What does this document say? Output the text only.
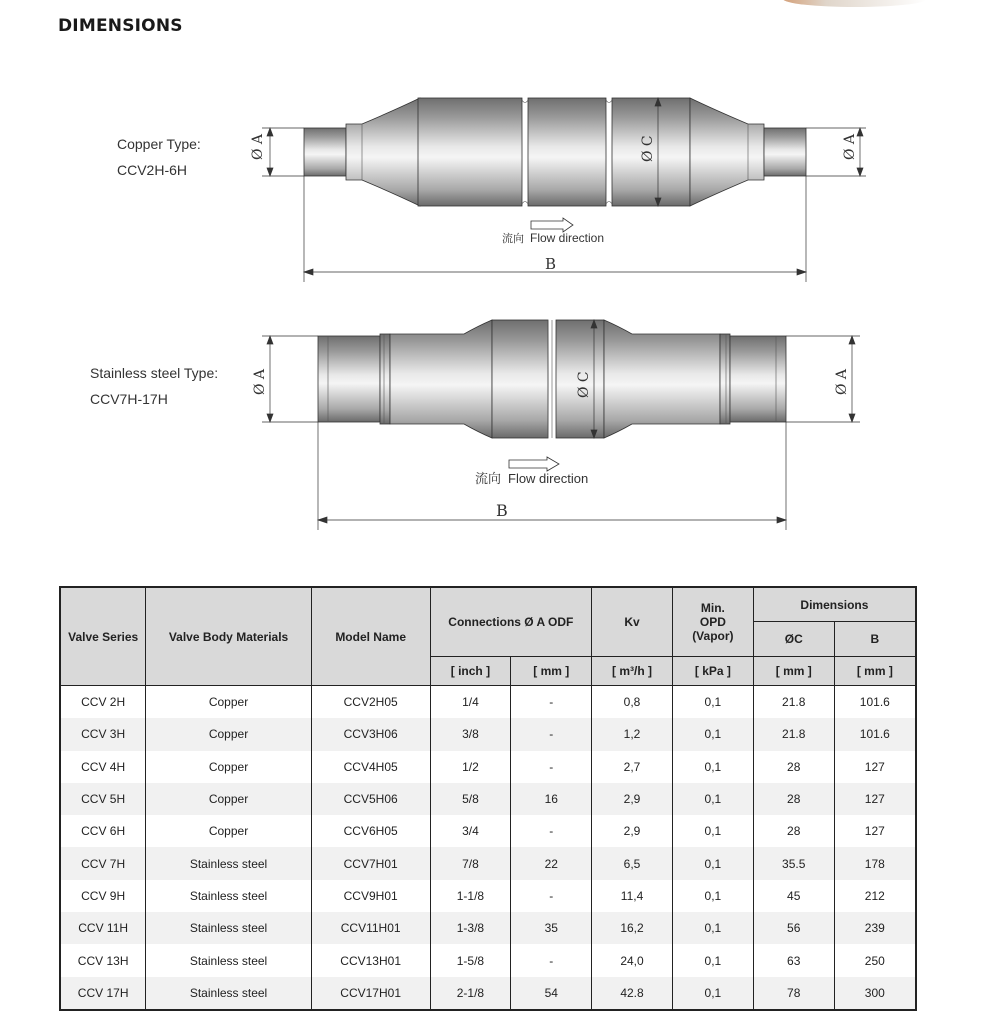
DIMENSIONS
Copper Type:
CCV2H-6H
Stainless steel Type:
CCV7H-17H
Ø A	Ø A
Ø C
B
流向 Flow direction
Ø A	Ø A
Ø C
B
流向 Flow direction
Valve Series	Valve Body Materials	Model Name	Connections Ø A ODF		Kv	Min. OPD (Vapor)	Dimensions	
							ØC	B
			[ inch ]	[ mm ]	[ m³/h ]	[ kPa ]	[ mm ]	[ mm ]
CCV 2H	Copper	CCV2H05	1/4	-	0,8	0,1	21.8	101.6
CCV 3H	Copper	CCV3H06	3/8	-	1,2	0,1	21.8	101.6
CCV 4H	Copper	CCV4H05	1/2	-	2,7	0,1	28	127
CCV 5H	Copper	CCV5H06	5/8	16	2,9	0,1	28	127
CCV 6H	Copper	CCV6H05	3/4	-	2,9	0,1	28	127
CCV 7H	Stainless steel	CCV7H01	7/8	22	6,5	0,1	35.5	178
CCV 9H	Stainless steel	CCV9H01	1-1/8	-	11,4	0,1	45	212
CCV 11H	Stainless steel	CCV11H01	1-3/8	35	16,2	0,1	56	239
CCV 13H	Stainless steel	CCV13H01	1-5/8	-	24,0	0,1	63	250
CCV 17H	Stainless steel	CCV17H01	2-1/8	54	42.8	0,1	78	300
